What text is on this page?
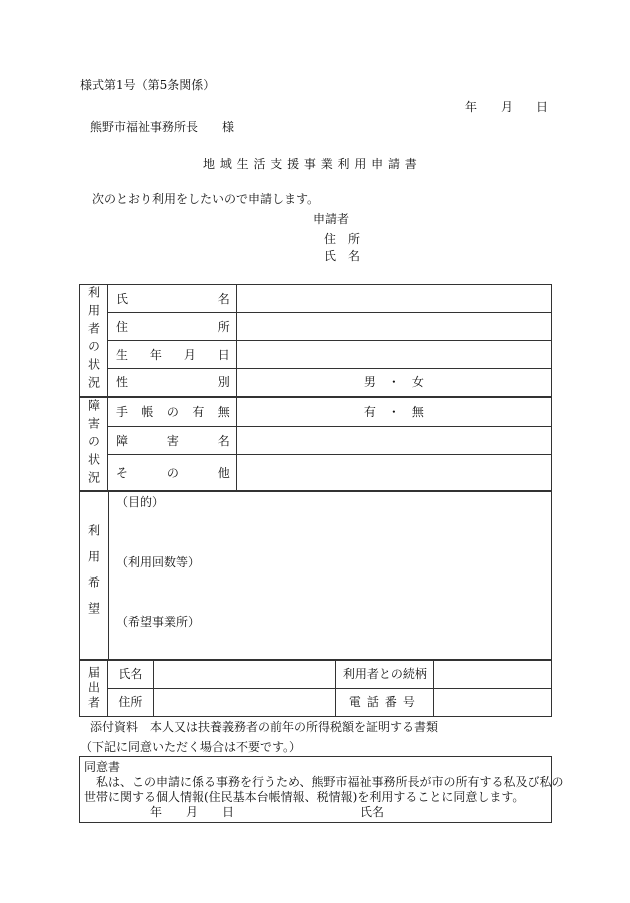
様式第1号（第5条関係）
年 月 日
熊野市福祉事務所長　　様
地 域 生 活 支 援 事 業 利 用 申 請 書
次のとおり利用をしたいので申請します。
申請者
住　所
氏　名
利用者の状況	氏 名	

	住 所	

	生 年 月 日	

	性 別	男　・　女

障害の状況	手 帳 の 有 無	有　・　無

	障 害 名	

	そ の 他	

利用希望
（目的）
（利用回数等）
（希望事業所）
届出者	氏名		利用者との続柄	
	住所		電話番号	
添付資料　本人又は扶養義務者の前年の所得税額を証明する書類
（下記に同意いただく場合は不要です。）
同意書
　私は、この申請に係る事務を行うため、熊野市福祉事務所長が市の所有する私及び私の
世帯に関する個人情報(住民基本台帳情報、税情報)を利用することに同意します。
年 月 日	氏名
